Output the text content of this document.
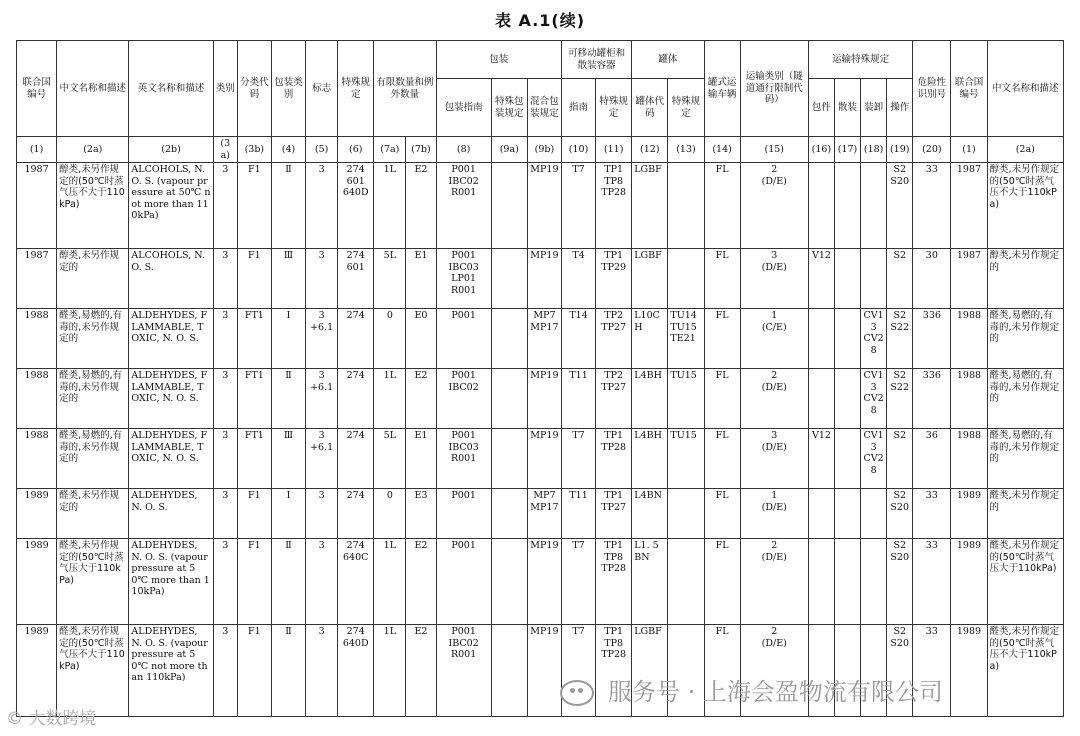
表 A.1(续)
联合国编号	中文名称和描述	英文名称和描述	类别	分类代码	包装类别	标志	特殊规定	有限数量和例外数量		包装			可移动罐柜和散装容器		罐体		罐式运输车辆	运输类别（隧道通行限制代码）	运输特殊规定				危险性识别号	联合国编号	中文名称和描述
										包装指南	特殊包装规定	混合包装规定	指南	特殊规定	罐体代码	特殊规定			包件	散装	装卸	操作			
(1)	(2a)	(2b)	(3a)	(3b)	(4)	(5)	(6)	(7a)	(7b)	(8)	(9a)	(9b)	(10)	(11)	(12)	(13)	(14)	(15)	(16)	(17)	(18)	(19)	(20)	(1)	(2a)
1987	醇类,未另作规定的(50℃时蒸气压不大于110kPa)	ALCOHOLS, N. O. S. (vapour pressure at 50℃ not more than 110kPa)	3	F1	Ⅱ	3	274
601
640D	1L	E2	P001
IBC02
R001		MP19	T7	TP1
TP8
TP28	LGBF		FL	2
(D/E)				S2
S20	33	1987	醇类,未另作规定的(50℃时蒸气压不大于110kPa)
1987	醇类,未另作规定的	ALCOHOLS, N. O. S.	3	F1	Ⅲ	3	274
601	5L	E1	P001
IBC03
LP01
R001		MP19	T4	TP1
TP29	LGBF		FL	3
(D/E)	V12			S2	30	1987	醇类,未另作规定的
1988	醛类,易燃的,有毒的,未另作规定的	ALDEHYDES, FLAMMABLE, TOXIC, N. O. S.	3	FT1	Ⅰ	3
+6.1	274	0	E0	P001		MP7
MP17	T14	TP2
TP27	L10CH	TU14
TU15
TE21	FL	1
(C/E)			CV13
CV28	S2
S22	336	1988	醛类,易燃的,有毒的,未另作规定的
1988	醛类,易燃的,有毒的,未另作规定的	ALDEHYDES, FLAMMABLE, TOXIC, N. O. S.	3	FT1	Ⅱ	3
+6.1	274	1L	E2	P001
IBC02		MP19	T11	TP2
TP27	L4BH	TU15	FL	2
(D/E)			CV13
CV28	S2
S22	336	1988	醛类,易燃的,有毒的,未另作规定的
1988	醛类,易燃的,有毒的,未另作规定的	ALDEHYDES, FLAMMABLE, TOXIC, N. O. S.	3	FT1	Ⅲ	3
+6.1	274	5L	E1	P001
IBC03
R001		MP19	T7	TP1
TP28	L4BH	TU15	FL	3
(D/E)	V12		CV13
CV28	S2	36	1988	醛类,易燃的,有毒的,未另作规定的
1989	醛类,未另作规定的	ALDEHYDES, N. O. S.	3	F1	Ⅰ	3	274	0	E3	P001		MP7
MP17	T11	TP1
TP27	L4BN		FL	1
(D/E)				S2
S20	33	1989	醛类,未另作规定的
1989	醛类,未另作规定的(50℃时蒸气压大于110kPa)	ALDEHYDES, N. O. S. (vapour pressure at 50℃ more than 110kPa)	3	F1	Ⅱ	3	274
640C	1L	E2	P001		MP19	T7	TP1
TP8
TP28	L1. 5BN		FL	2
(D/E)				S2
S20	33	1989	醛类,未另作规定的(50℃时蒸气压大于110kPa)
1989	醛类,未另作规定的(50℃时蒸气压不大于110kPa)	ALDEHYDES, N. O. S. (vapour pressure at 50℃ not more than 110kPa)	3	F1	Ⅱ	3	274
640D	1L	E2	P001
IBC02
R001		MP19	T7	TP1
TP8
TP28	LGBF		FL	2
(D/E)				S2
S20	33	1989	醛类,未另作规定的(50℃时蒸气压不大于110kPa)
服务号 · 上海会盈物流有限公司
© 大数跨境
